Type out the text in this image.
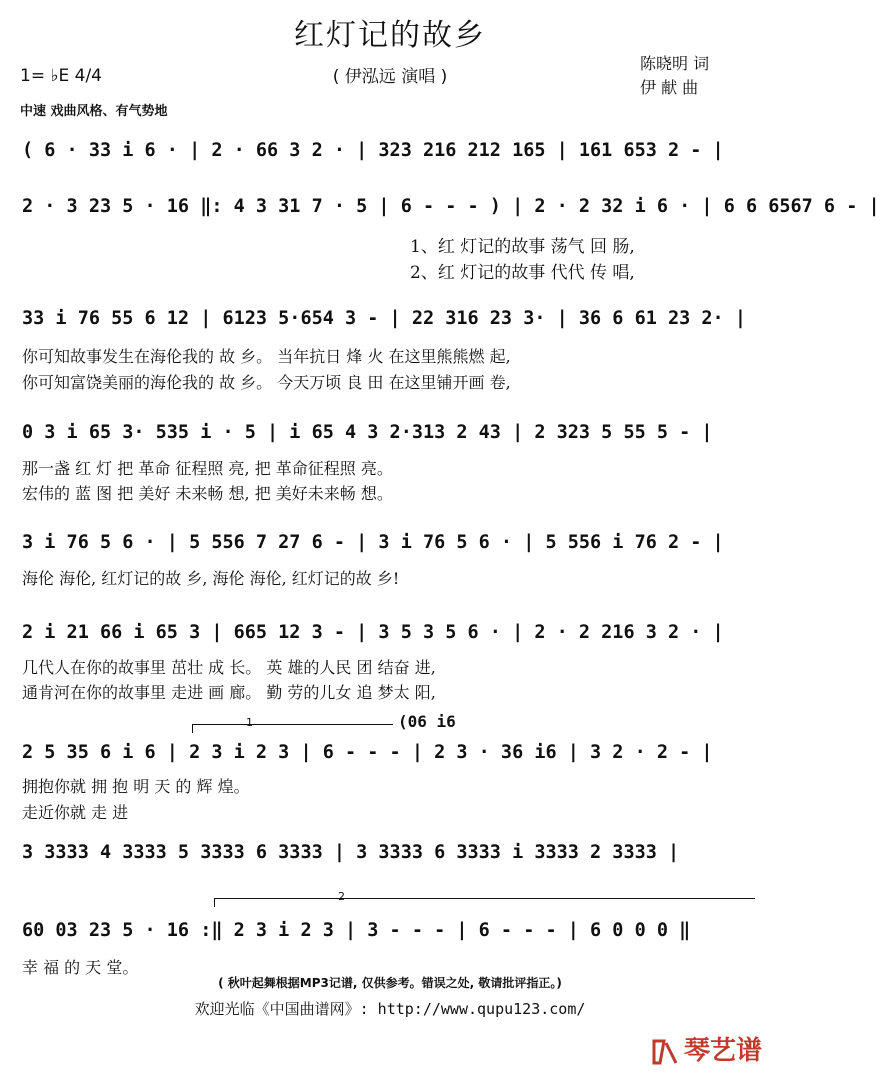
红灯记的故乡
( 伊泓远 演唱 )
陈晓明 词
伊 献 曲
1= ♭E 4/4
中速 戏曲风格、有气势地
( 6 · 33 i 6 · | 2 · 66 3 2 · | 323 216 212 165 | 161 653 2 - |
2 · 3 23 5 · 16 ‖: 4 3 31 7 · 5 | 6 - - - ) | 2 · 2 32 i 6 · | 6 6 6567 6 - |
1、红 灯记的故事 荡气 回 肠,
2、红 灯记的故事 代代 传 唱,
33 i 76 55 6 12 | 6123 5·654 3 - | 22 316 23 3· | 36 6 61 23 2· |
你可知故事发生在海伦我的 故 乡。 当年抗日 烽 火 在这里熊熊燃 起,
你可知富饶美丽的海伦我的 故 乡。 今天万顷 良 田 在这里铺开画 卷,
0 3 i 65 3· 535 i · 5 | i 65 4 3 2·313 2 43 | 2 323 5 55 5 - |
那一盏 红 灯 把 革命 征程照 亮, 把 革命征程照 亮。
宏伟的 蓝 图 把 美好 未来畅 想, 把 美好未来畅 想。
3 i 76 5 6 · | 5 556 7 27 6 - | 3 i 76 5 6 · | 5 556 i 76 2 - |
海伦 海伦, 红灯记的故 乡, 海伦 海伦, 红灯记的故 乡!
2 i 21 66 i 65 3 | 665 12 3 - | 3 5 3 5 6 · | 2 · 2 216 3 2 · |
几代人在你的故事里 茁壮 成 长。 英 雄的人民 团 结奋 进,
通肯河在你的故事里 走进 画 廊。 勤 劳的儿女 追 梦太 阳,
1	(06 i6
2 5 35 6 i 6 | 2 3 i 2 3 | 6 - - - | 2 3 · 36 i6 | 3 2 · 2 - |
拥抱你就 拥 抱 明 天 的 辉 煌。
走近你就 走 进
3 3333 4 3333 5 3333 6 3333 | 3 3333 6 3333 i 3333 2 3333 |
2
60 03 23 5 · 16 :‖ 2 3 i 2 3 | 3 - - - | 6 - - - | 6 0 0 0 ‖
幸 福 的 天 堂。
( 秋叶起舞根据MP3记谱, 仅供参考。错误之处, 敬请批评指正。)
欢迎光临《中国曲谱网》: http://www.qupu123.com/
琴艺谱
